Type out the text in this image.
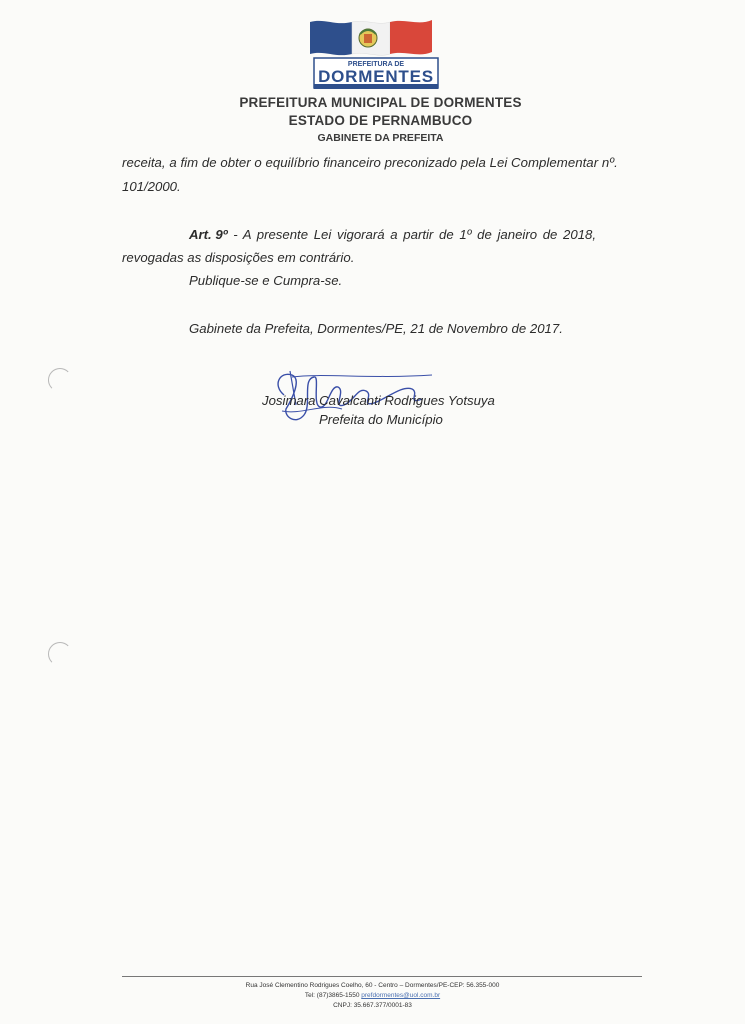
PREFEITURA DE
DORMENTES
PREFEITURA MUNICIPAL DE DORMENTES
ESTADO DE PERNAMBUCO
GABINETE DA PREFEITA
receita, a fim de obter o equilíbrio financeiro preconizado pela Lei Complementar nº.
101/2000.
Art. 9º - A presente Lei vigorará a partir de 1º de janeiro de 2018,
revogadas as disposições em contrário.
Publique-se e Cumpra-se.
Gabinete da Prefeita, Dormentes/PE, 21 de Novembro de 2017.
Josimara Cavalcanti Rodrigues Yotsuya
Prefeita do Município
Rua José Clementino Rodrigues Coelho, 60 - Centro – Dormentes/PE-CEP: 56.355-000
Tel: (87)3865-1550 prefdormentes@uol.com.br
CNPJ: 35.667.377/0001-83
